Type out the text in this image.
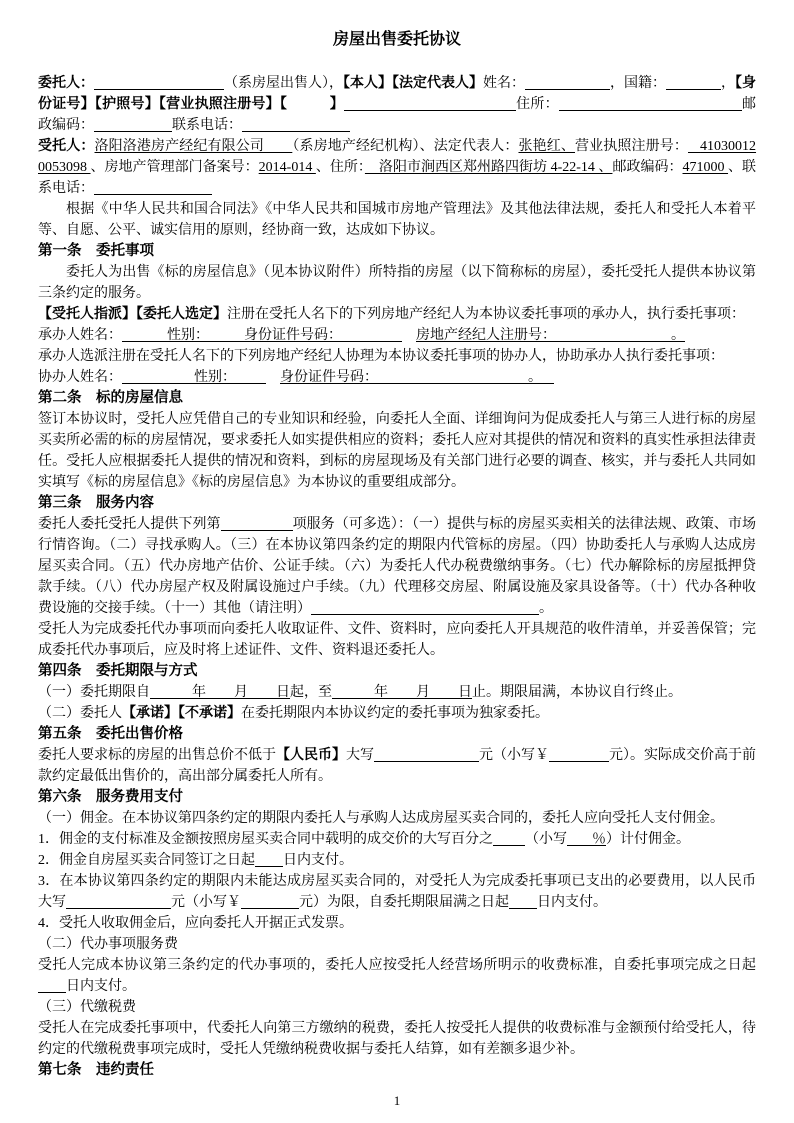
房屋出售委托协议

委托人：	（系房屋出售人），【本人】【法定代表人】姓名：	，国籍：	，【身份证号】【护照号】【营业执照注册号】【　　　	】	住所：	邮政编码：	联系电话：

受托人：洛阳洛港房产经纪有限公司　　（系房地产经纪机构）、法定代表人：张艳红、营业执照注册号： 410300120053098 、房地产管理部门备案号：2014-014 、住所：　洛阳市涧西区郑州路四街坊 4-22-14 、邮政编码：471000 、联系电话：

根据《中华人民共和国合同法》《中华人民共和国城市房地产管理法》及其他法律法规，委托人和受托人本着平等、自愿、公平、诚实信用的原则，经协商一致，达成如下协议。

第一条　委托事项

委托人为出售《标的房屋信息》（见本协议附件）所特指的房屋（以下简称标的房屋），委托受托人提供本协议第三条约定的服务。

【受托人指派】【委托人选定】注册在受托人名下的下列房地产经纪人为本协议委托事项的承办人，执行委托事项：

承办人姓名：	性别：	身份证件号码：　	房地产经纪人注册号：	。

承办人选派注册在受托人名下的下列房地产经纪人协理为本协议委托事项的协办人，协助承办人执行委托事项：

协办人姓名：	性别：　	身份证件号码：	。

第二条　标的房屋信息

签订本协议时，受托人应凭借自己的专业知识和经验，向委托人全面、详细询问为促成委托人与第三人进行标的房屋买卖所必需的标的房屋情况，要求委托人如实提供相应的资料；委托人应对其提供的情况和资料的真实性承担法律责任。受托人应根据委托人提供的情况和资料，到标的房屋现场及有关部门进行必要的调查、核实，并与委托人共同如实填写《标的房屋信息》《标的房屋信息》为本协议的重要组成部分。

第三条　服务内容

委托人委托受托人提供下列第	项服务（可多选）：（一）提供与标的房屋买卖相关的法律法规、政策、市场行情咨询。（二）寻找承购人。（三）在本协议第四条约定的期限内代管标的房屋。（四）协助委托人与承购人达成房屋买卖合同。（五）代办房地产估价、公证手续。（六）为委托人代办税费缴纳事务。（七）代办解除标的房屋抵押贷款手续。（八）代办房屋产权及附属设施过户手续。（九）代理移交房屋、附属设施及家具设备等。（十）代办各种收费设施的交接手续。（十一）其他（请注明）	。

受托人为完成委托代办事项而向委托人收取证件、文件、资料时，应向委托人开具规范的收件清单，并妥善保管；完成委托代办事项后，应及时将上述证件、文件、资料退还委托人。

第四条　委托期限与方式

（一）委托期限自　　　年　　月　　日起，至　　　年　　月　　日止。期限届满，本协议自行终止。

（二）委托人【承诺】【不承诺】在委托期限内本协议约定的委托事项为独家委托。

第五条　委托出售价格

委托人要求标的房屋的出售总价不低于【人民币】大写	元（小写￥	元）。实际成交价高于前款约定最低出售价的，高出部分属委托人所有。

第六条　服务费用支付

（一）佣金。在本协议第四条约定的期限内委托人与承购人达成房屋买卖合同的，委托人应向受托人支付佣金。

1．佣金的支付标准及金额按照房屋买卖合同中载明的成交价的大写百分之 （小写 ％）计付佣金。

2．佣金自房屋买卖合同签订之日起 日内支付。

3．在本协议第四条约定的期限内未能达成房屋买卖合同的，对受托人为完成委托事项已支出的必要费用，以人民币大写	元（小写￥	元）为限，自委托期限届满之日起 日内支付。

4．受托人收取佣金后，应向委托人开据正式发票。

（二）代办事项服务费

受托人完成本协议第三条约定的代办事项的，委托人应按受托人经营场所明示的收费标准，自委托事项完成之日起日内支付。

（三）代缴税费

受托人在完成委托事项中，代委托人向第三方缴纳的税费，委托人按受托人提供的收费标准与金额预付给受托人，待约定的代缴税费事项完成时，受托人凭缴纳税费收据与委托人结算，如有差额多退少补。

第七条　违约责任

1
